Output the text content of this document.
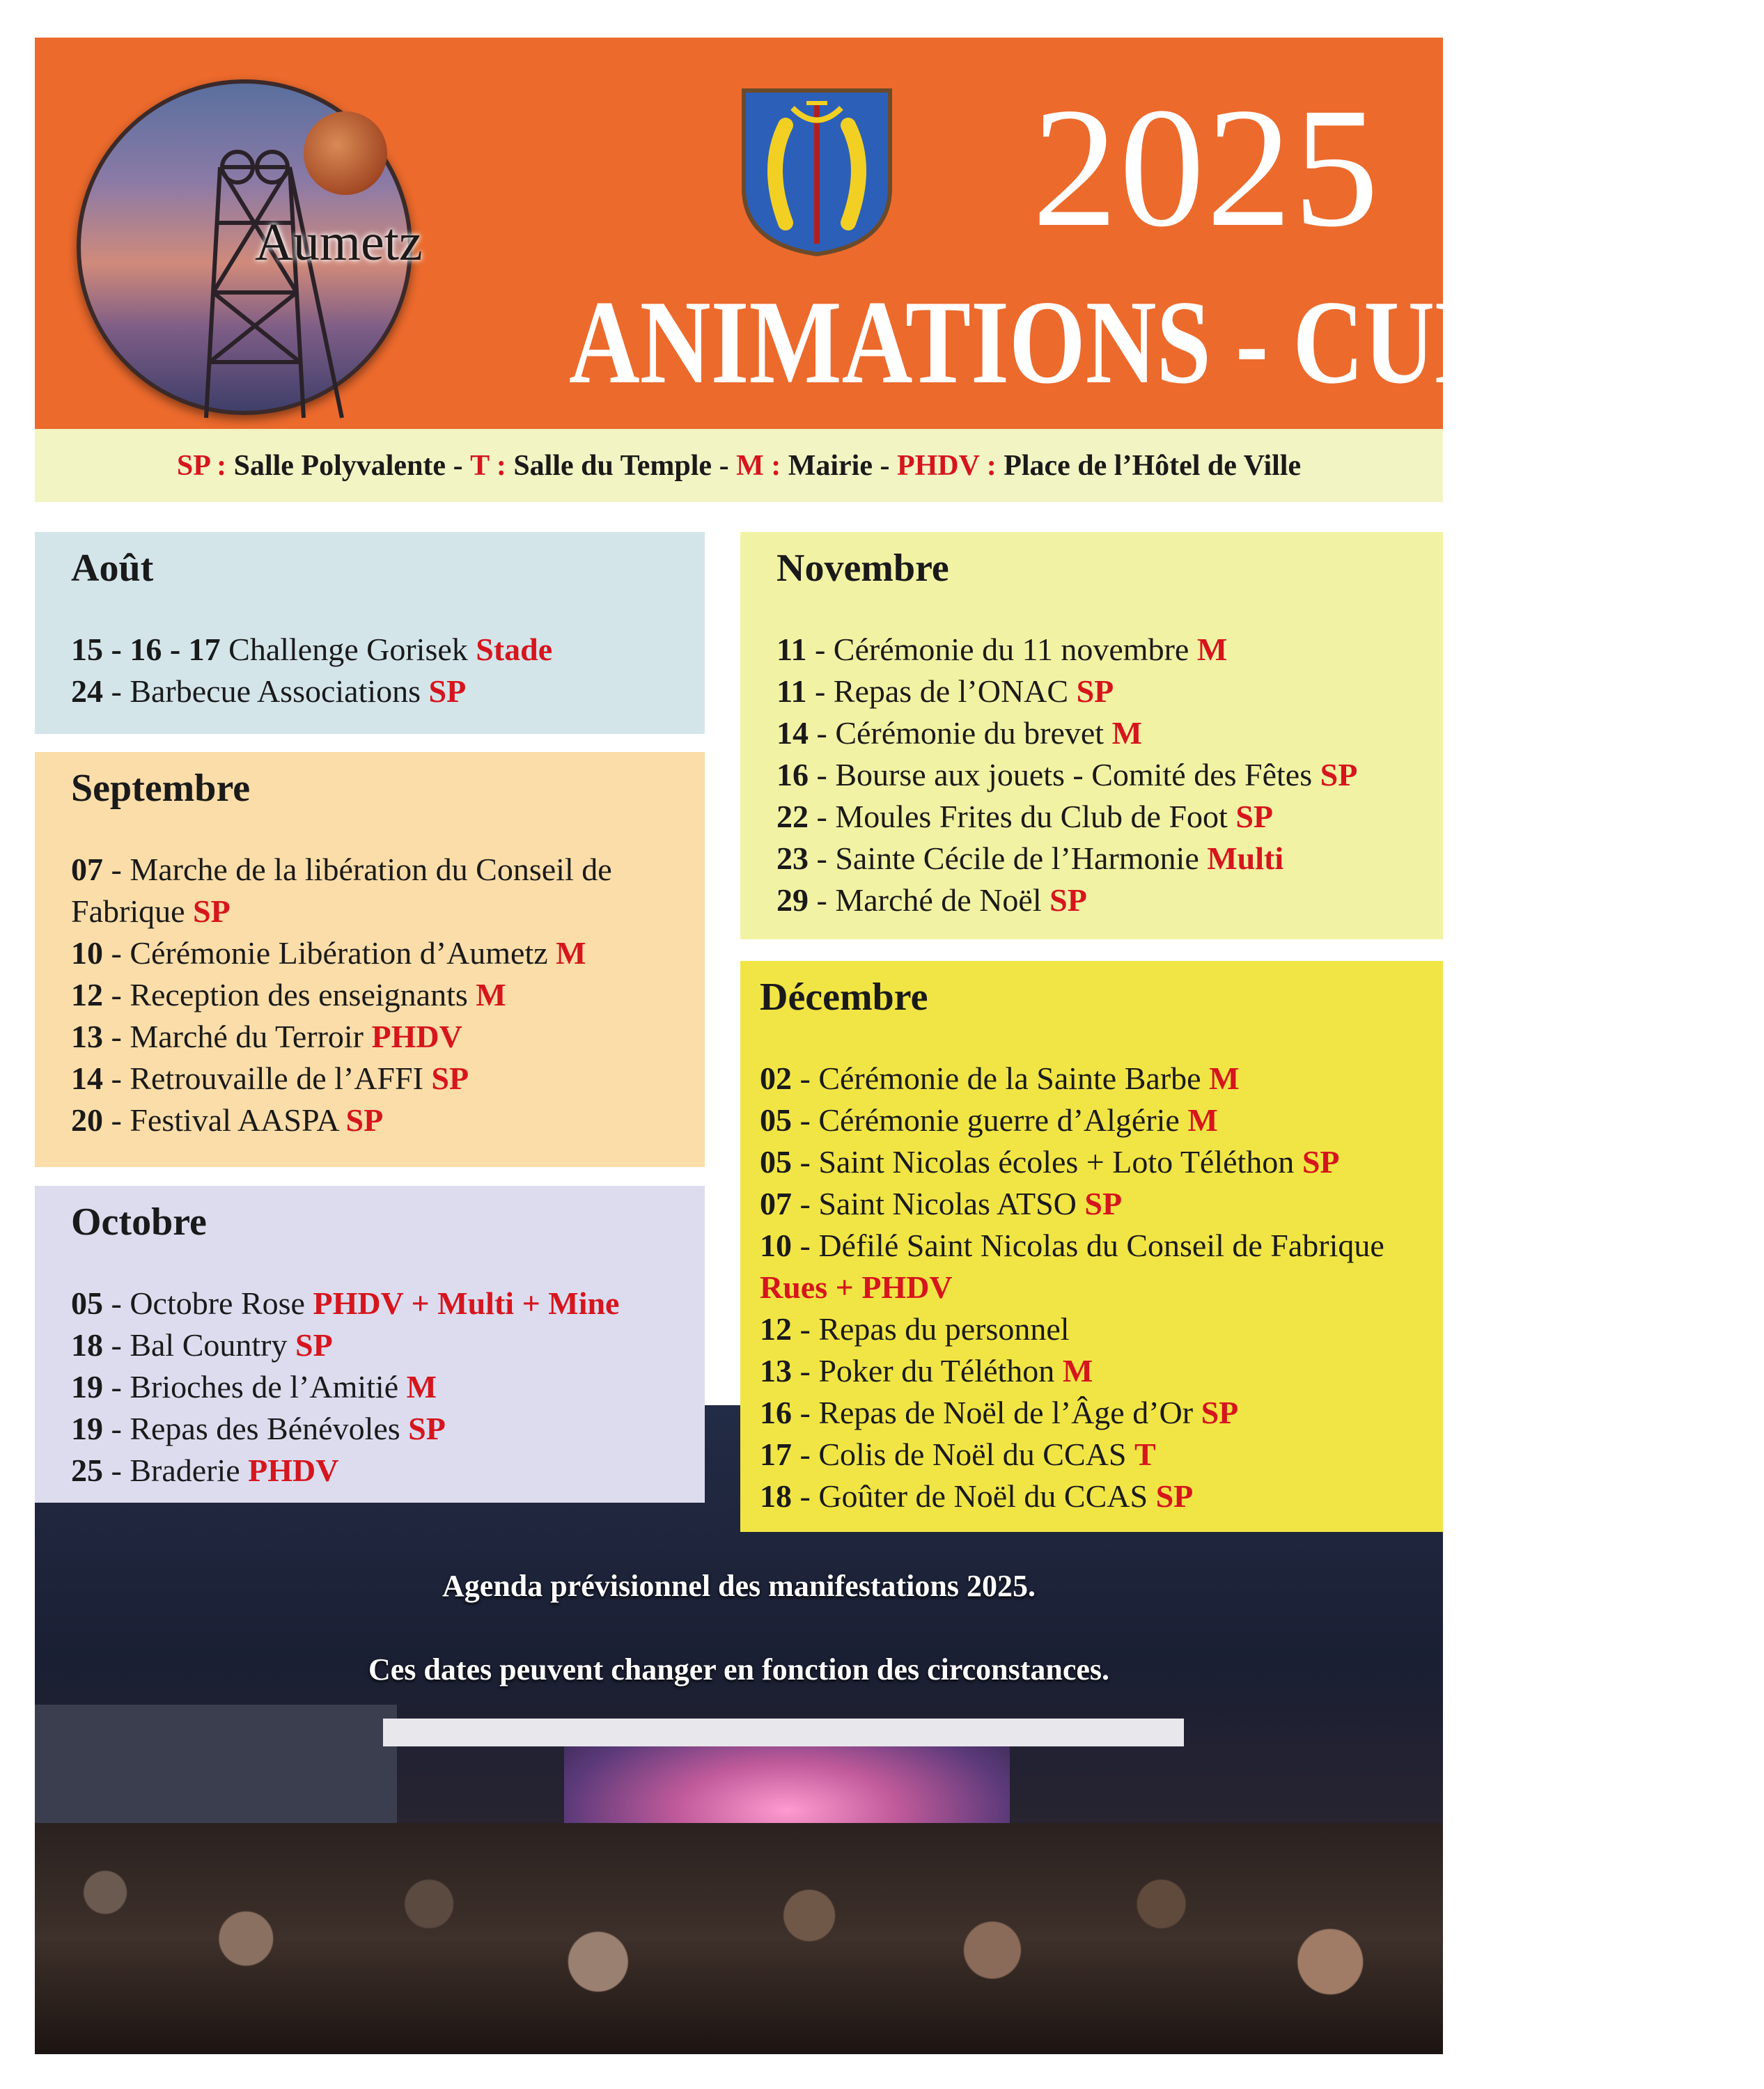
Aumetz	2025
ANIMATIONS - CULTURE
SP :
Salle Polyvalente - T :
Salle du Temple - M :
Mairie - PHDV :
Place de l’Hôtel de Ville
Agenda prévisionnel des manifestations 2025.
Ces dates peuvent changer en fonction des circonstances.
Août
15 - 16 - 17 Challenge Gorisek Stade
24 - Barbecue Associations SP
Septembre
07 - Marche de la libération du Conseil de Fabrique SP
10 - Cérémonie Libération d’Aumetz M
12 - Reception des enseignants M
13 - Marché du Terroir PHDV
14 - Retrouvaille de l’AFFI SP
20 - Festival AASPA SP
Octobre
05 - Octobre Rose PHDV + Multi + Mine
18 - Bal Country SP
19 - Brioches de l’Amitié M
19 - Repas des Bénévoles SP
25 - Braderie PHDV
Novembre
11 - Cérémonie du 11 novembre M
11 - Repas de l’ONAC SP
14 - Cérémonie du brevet M
16 - Bourse aux jouets - Comité des Fêtes SP
22 - Moules Frites du Club de Foot SP
23 - Sainte Cécile de l’Harmonie Multi
29 - Marché de Noël SP
Décembre
02 - Cérémonie de la Sainte Barbe M
05 - Cérémonie guerre d’Algérie M
05 - Saint Nicolas écoles + Loto Téléthon SP
07 - Saint Nicolas ATSO SP
10 - Défilé Saint Nicolas du Conseil de Fabrique Rues + PHDV
12 - Repas du personnel
13 - Poker du Téléthon M
16 - Repas de Noël de l’Âge d’Or SP
17 - Colis de Noël du CCAS T
18 - Goûter de Noël du CCAS SP
